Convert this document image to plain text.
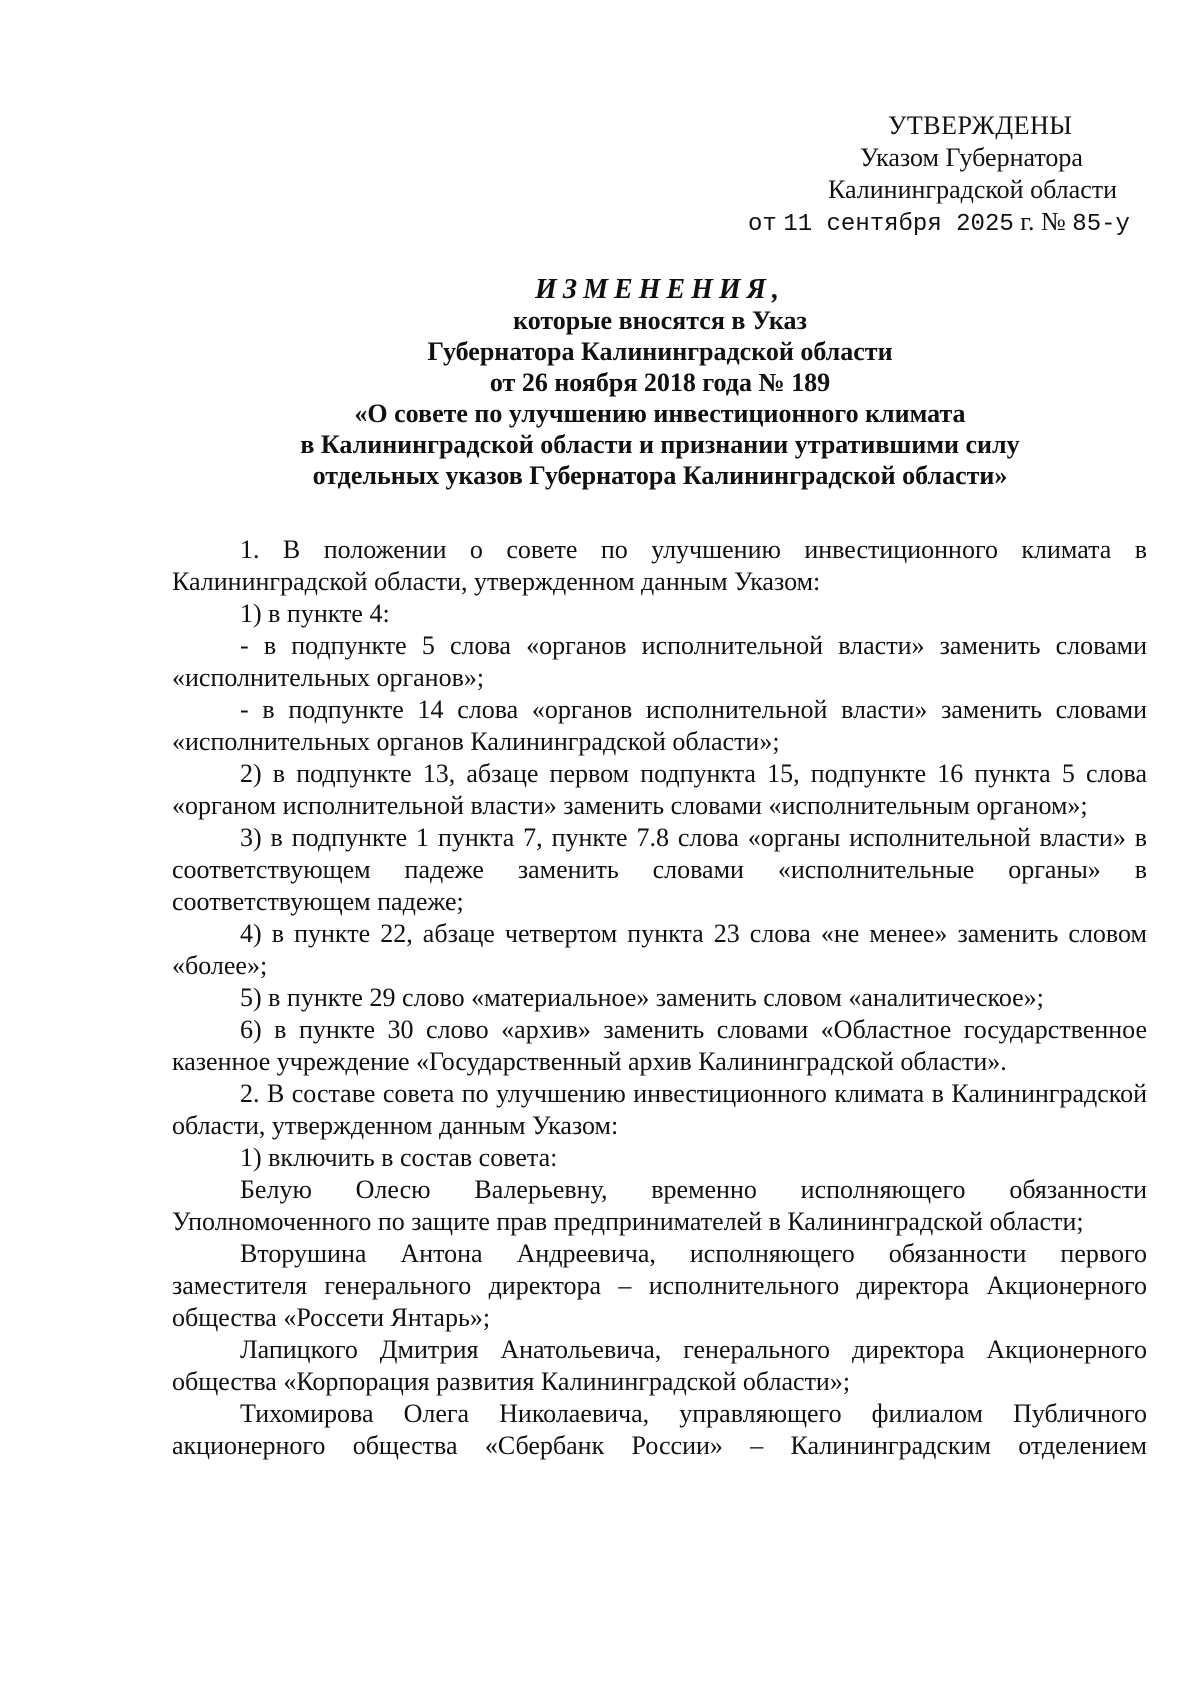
УТВЕРЖДЕНЫ
Указом Губернатора
Калининградской области
от 11 сентября 2025 г. № 85-у
ИЗМЕНЕНИЯ,
которые вносятся в Указ
Губернатора Калининградской области
от 26 ноября 2018 года № 189
«О совете по улучшению инвестиционного климата
в Калининградской области и признании утратившими силу
отдельных указов Губернатора Калининградской области»

1. В положении о совете по улучшению инвестиционного климата в Калининградской области, утвержденном данным Указом:

1) в пункте 4:

- в подпункте 5 слова «органов исполнительной власти» заменить словами «исполнительных органов»;

- в подпункте 14 слова «органов исполнительной власти» заменить словами «исполнительных органов Калининградской области»;

2) в подпункте 13, абзаце первом подпункта 15, подпункте 16 пункта 5 слова «органом исполнительной власти» заменить словами «исполнительным органом»;

3) в подпункте 1 пункта 7, пункте 7.8 слова «органы исполнительной власти» в соответствующем падеже заменить словами «исполнительные органы» в соответствующем падеже;

4) в пункте 22, абзаце четвертом пункта 23 слова «не менее» заменить словом «более»;

5) в пункте 29 слово «материальное» заменить словом «аналитическое»;

6) в пункте 30 слово «архив» заменить словами «Областное государственное казенное учреждение «Государственный архив Калининградской области».

2. В составе совета по улучшению инвестиционного климата в Калининградской области, утвержденном данным Указом:

1) включить в состав совета:

Белую Олесю Валерьевну, временно исполняющего обязанности Уполномоченного по защите прав предпринимателей в Калининградской области;

Вторушина Антона Андреевича, исполняющего обязанности первого заместителя генерального директора – исполнительного директора Акционерного общества «Россети Янтарь»;

Лапицкого Дмитрия Анатольевича, генерального директора Акционерного общества «Корпорация развития Калининградской области»;

Тихомирова Олега Николаевича, управляющего филиалом Публичного акционерного общества «Сбербанк России» – Калининградским отделением
